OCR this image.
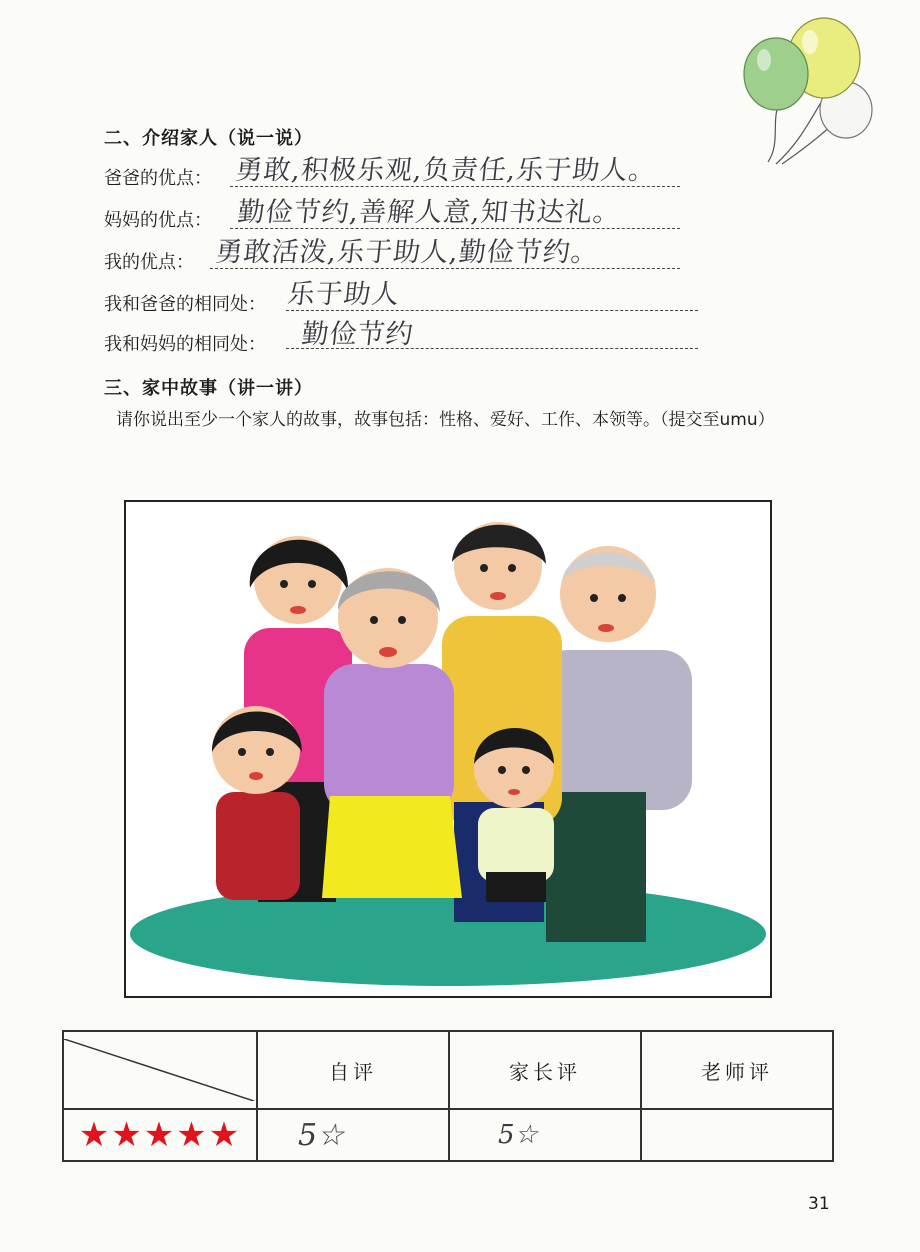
二、介绍家人（说一说）
爸爸的优点： 勇敢,积极乐观,负责任,乐于助人。
妈妈的优点： 勤俭节约,善解人意,知书达礼。
我的优点： 勇敢活泼,乐于助人,勤俭节约。
我和爸爸的相同处： 乐于助人
我和妈妈的相同处： 勤俭节约
三、家中故事（讲一讲）
请你说出至少一个家人的故事，故事包括：性格、爱好、工作、本领等。（提交至umu）
	自评	家长评	老师评
★★★★★	5☆	5☆	
31
